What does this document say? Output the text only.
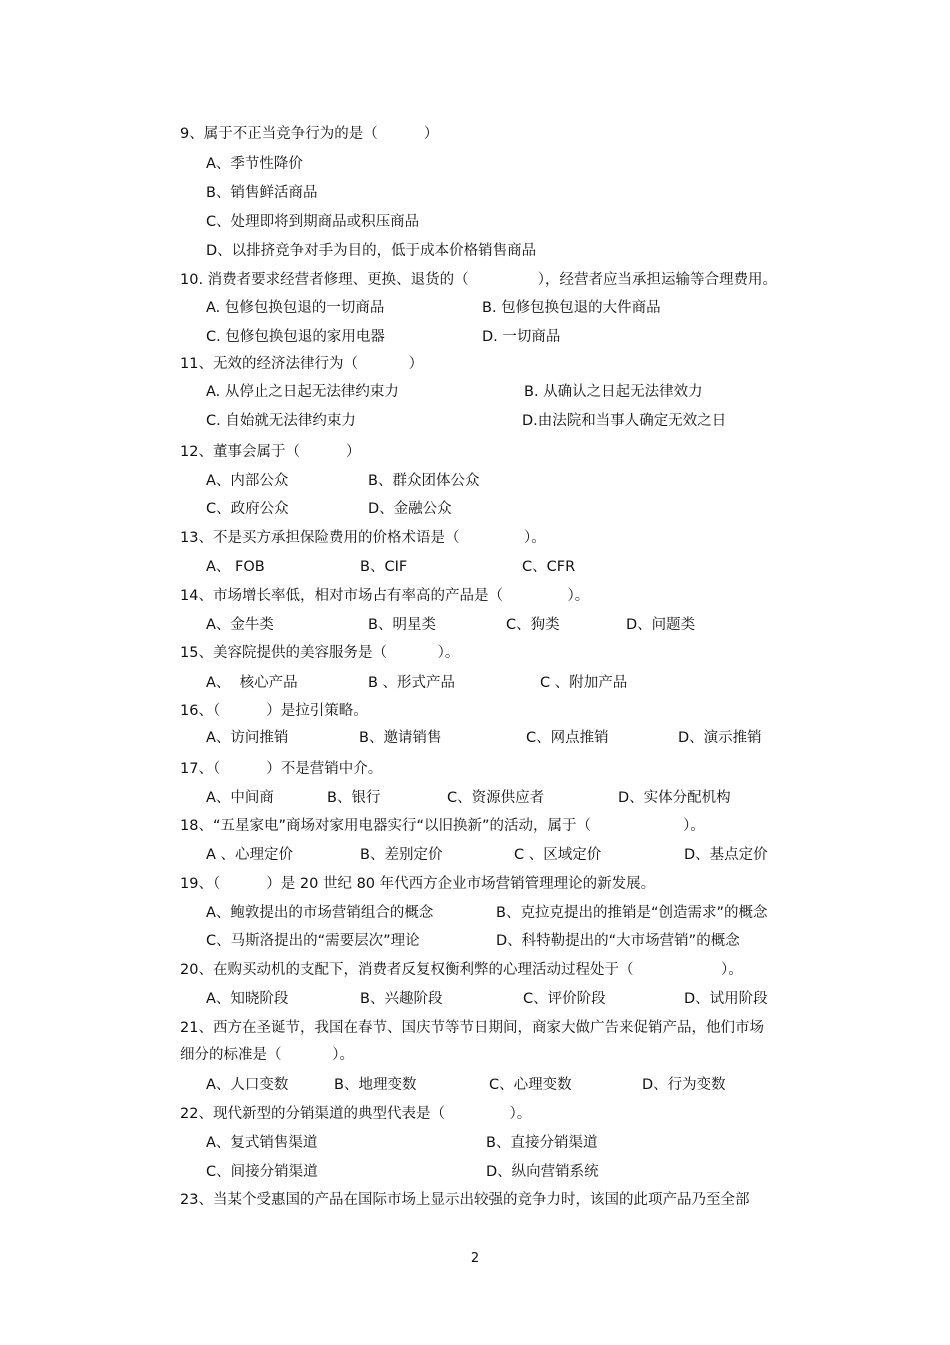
9、属于不正当竞争行为的是（          ）
A、季节性降价
B、销售鲜活商品
C、处理即将到期商品或积压商品
D、以排挤竞争对手为目的，低于成本价格销售商品
10. 消费者要求经营者修理、更换、退货的（               ），经营者应当承担运输等合理费用。
A. 包修包换包退的一切商品	B. 包修包换包退的大件商品
C. 包修包换包退的家用电器	D. 一切商品
11、无效的经济法律行为（           ）
A. 从停止之日起无法律约束力	B. 从确认之日起无法律效力
C. 自始就无法律约束力	D.由法院和当事人确定无效之日
12、董事会属于（          ）
A、内部公众	B、群众团体公众
C、政府公众	D、金融公众
13、不是买方承担保险费用的价格术语是（              ）。
A、 FOB	B、CIF	C、CFR
14、市场增长率低，相对市场占有率高的产品是（              ）。
A、金牛类	B、明星类	C、狗类	D、问题类
15、美容院提供的美容服务是（           ）。
A、  核心产品	B 、形式产品	C 、附加产品
16、（          ）是拉引策略。
A、访问推销	B、邀请销售	C、网点推销	D、演示推销
17、（          ）不是营销中介。
A、中间商	B、银行	C、资源供应者	D、实体分配机构
18、“五星家电”商场对家用电器实行“以旧换新”的活动，属于（                    ）。
A 、心理定价	B、差别定价	C 、区域定价	D、基点定价
19、（          ）是 20 世纪 80 年代西方企业市场营销管理理论的新发展。
A、鲍敦提出的市场营销组合的概念	B、克拉克提出的推销是“创造需求”的概念
C、马斯洛提出的“需要层次”理论	D、科特勒提出的“大市场营销”的概念
20、在购买动机的支配下，消费者反复权衡利弊的心理活动过程处于（                   ）。
A、知晓阶段	B、兴趣阶段	C、评价阶段	D、试用阶段
21、西方在圣诞节，我国在春节、国庆节等节日期间，商家大做广告来促销产品，他们市场
细分的标准是（           ）。
A、人口变数	B、地理变数	C、心理变数	D、行为变数
22、现代新型的分销渠道的典型代表是（              ）。
A、复式销售渠道	B、直接分销渠道
C、间接分销渠道	D、纵向营销系统
23、当某个受惠国的产品在国际市场上显示出较强的竞争力时，该国的此项产品乃至全部
2
